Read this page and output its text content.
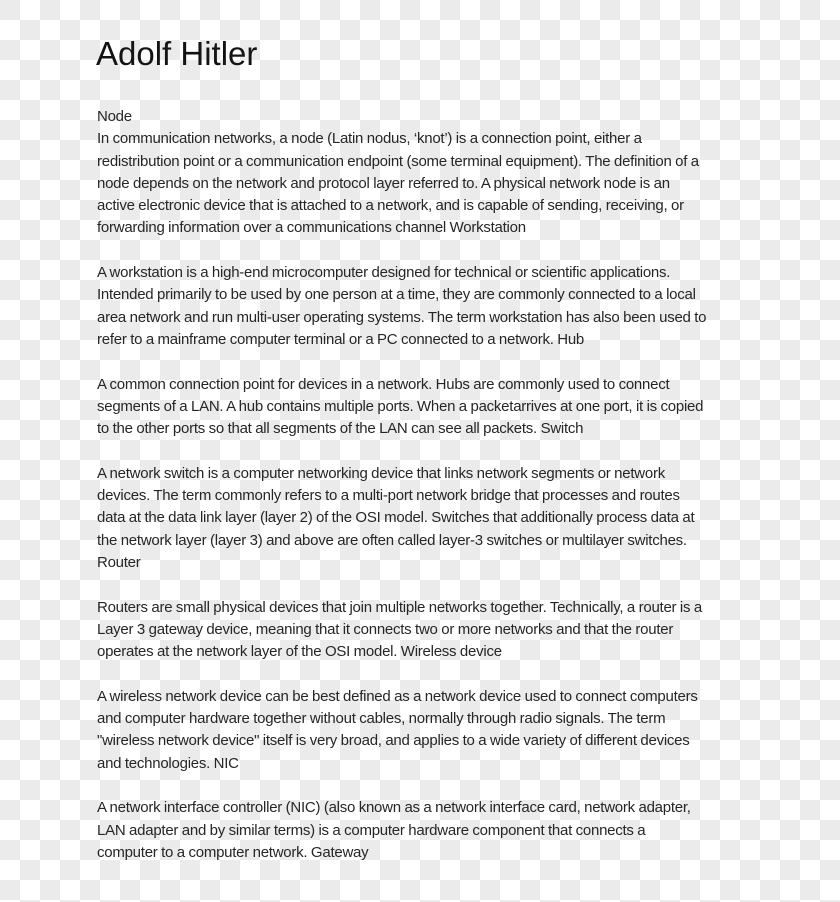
Adolf Hitler
Node
In communication networks, a node (Latin nodus, ‘knot’) is a connection point, either a
redistribution point or a communication endpoint (some terminal equipment). The definition of a
node depends on the network and protocol layer referred to. A physical network node is an
active electronic device that is attached to a network, and is capable of sending, receiving, or
forwarding information over a communications channel Workstation
A workstation is a high-end microcomputer designed for technical or scientific applications.
Intended primarily to be used by one person at a time, they are commonly connected to a local
area network and run multi-user operating systems. The term workstation has also been used to
refer to a mainframe computer terminal or a PC connected to a network. Hub
A common connection point for devices in a network. Hubs are commonly used to connect
segments of a LAN. A hub contains multiple ports. When a packetarrives at one port, it is copied
to the other ports so that all segments of the LAN can see all packets. Switch
A network switch is a computer networking device that links network segments or network
devices. The term commonly refers to a multi-port network bridge that processes and routes
data at the data link layer (layer 2) of the OSI model. Switches that additionally process data at
the network layer (layer 3) and above are often called layer-3 switches or multilayer switches.
Router
Routers are small physical devices that join multiple networks together. Technically, a router is a
Layer 3 gateway device, meaning that it connects two or more networks and that the router
operates at the network layer of the OSI model. Wireless device
A wireless network device can be best defined as a network device used to connect computers
and computer hardware together without cables, normally through radio signals. The term
"wireless network device" itself is very broad, and applies to a wide variety of different devices
and technologies. NIC
A network interface controller (NIC) (also known as a network interface card, network adapter,
LAN adapter and by similar terms) is a computer hardware component that connects a
computer to a computer network. Gateway
